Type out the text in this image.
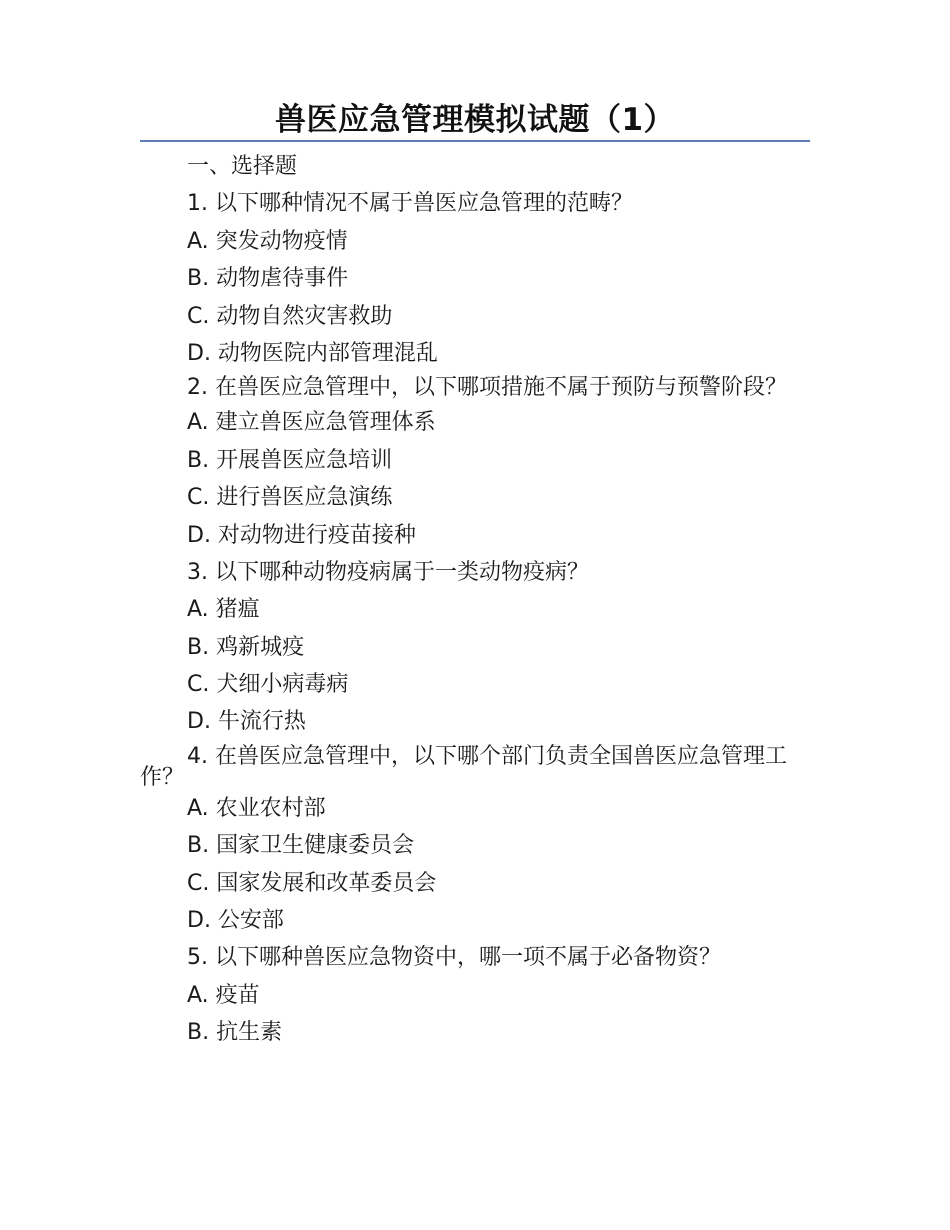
兽医应急管理模拟试题（1）
一、选择题
1. 以下哪种情况不属于兽医应急管理的范畴？
A. 突发动物疫情
B. 动物虐待事件
C. 动物自然灾害救助
D. 动物医院内部管理混乱
2. 在兽医应急管理中，以下哪项措施不属于预防与预警阶段？
A. 建立兽医应急管理体系
B. 开展兽医应急培训
C. 进行兽医应急演练
D. 对动物进行疫苗接种
3. 以下哪种动物疫病属于一类动物疫病？
A. 猪瘟
B. 鸡新城疫
C. 犬细小病毒病
D. 牛流行热
4. 在兽医应急管理中，以下哪个部门负责全国兽医应急管理工作？
A. 农业农村部
B. 国家卫生健康委员会
C. 国家发展和改革委员会
D. 公安部
5. 以下哪种兽医应急物资中，哪一项不属于必备物资？
A. 疫苗
B. 抗生素
